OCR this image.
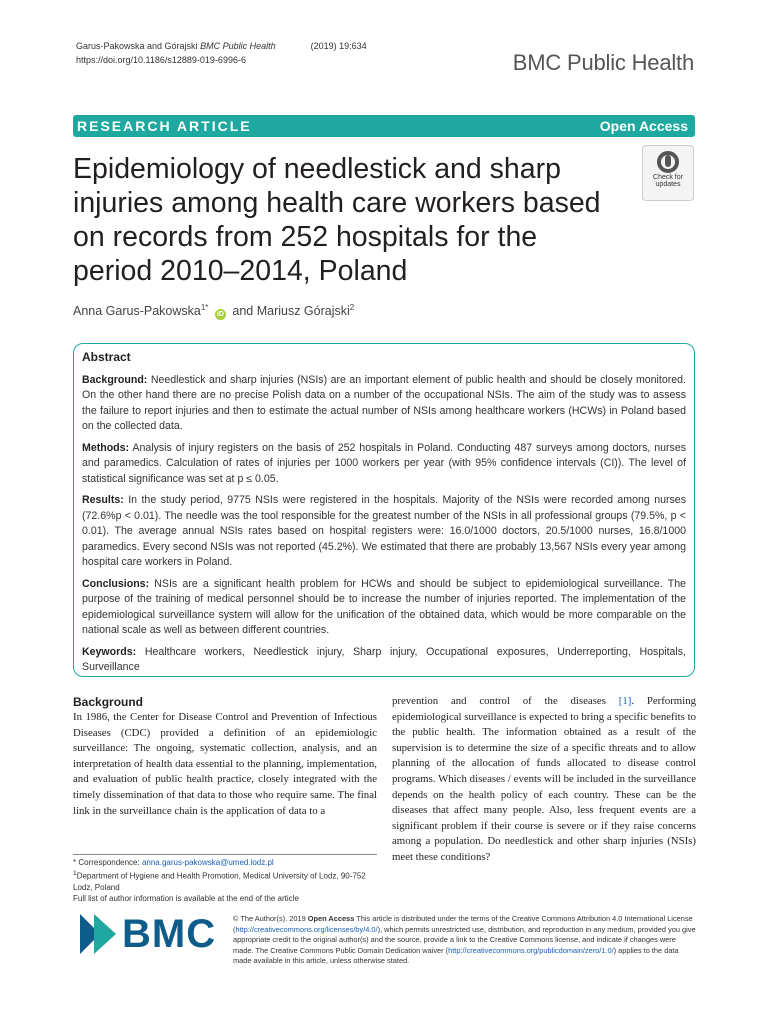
Garus-Pakowska and Górajski BMC Public Health	(2019) 19:634
https://doi.org/10.1186/s12889-019-6996-6	BMC Public Health
RESEARCH ARTICLE	Open Access
Epidemiology of needlestick and sharp injuries among health care workers based on records from 252 hospitals for the period 2010–2014, Poland
Check for
updates
Anna Garus-Pakowska$^{1*}$ iD and Mariusz Górajski$^2$
Abstract

Background: Needlestick and sharp injuries (NSIs) are an important element of public health and should be closely monitored. On the other hand there are no precise Polish data on a number of the occupational NSIs. The aim of the study was to assess the failure to report injuries and then to estimate the actual number of NSIs among healthcare workers (HCWs) in Poland based on the collected data.

Methods: Analysis of injury registers on the basis of 252 hospitals in Poland. Conducting 487 surveys among doctors, nurses and paramedics. Calculation of rates of injuries per 1000 workers per year (with 95% confidence intervals (CI)). The level of statistical significance was set at p ≤ 0.05.

Results: In the study period, 9775 NSIs were registered in the hospitals. Majority of the NSIs were recorded among nurses (72.6%p < 0.01). The needle was the tool responsible for the greatest number of the NSIs in all professional groups (79.5%, p < 0.01). The average annual NSIs rates based on hospital registers were: 16.0/1000 doctors, 20.5/1000 nurses, 16.8/1000 paramedics. Every second NSIs was not reported (45.2%). We estimated that there are probably 13,567 NSIs every year among hospital care workers in Poland.

Conclusions: NSIs are a significant health problem for HCWs and should be subject to epidemiological surveillance. The purpose of the training of medical personnel should be to increase the number of injuries reported. The implementation of the epidemiological surveillance system will allow for the unification of the obtained data, which would be more comparable on the national scale as well as between different countries.

Keywords: Healthcare workers, Needlestick injury, Sharp injury, Occupational exposures, Underreporting, Hospitals, Surveillance

Background

In 1986, the Center for Disease Control and Prevention of Infectious Diseases (CDC) provided a definition of an epidemiologic surveillance: The ongoing, systematic collection, analysis, and an interpretation of health data essential to the planning, implementation, and evaluation of public health practice, closely integrated with the timely dissemination of that data to those who require same. The final link in the surveillance chain is the application of data to a

prevention and control of the diseases [1]. Performing epidemiological surveillance is expected to bring a specific benefits to the public health. The information obtained as a result of the supervision is to determine the size of a specific threats and to allow planning of the allocation of funds allocated to disease control programs. Which diseases / events will be included in the surveillance depends on the health policy of each country. These can be the diseases that affect many people. Also, less frequent events are a significant problem if their course is severe or if they raise concerns among a population. Do needlestick and other sharp injuries (NSIs) meet these conditions?

* Correspondence: anna.garus-pakowska@umed.lodz.pl
$^1$Department of Hygiene and Health Promotion, Medical University of Lodz, 90-752 Lodz, Poland
Full list of author information is available at the end of the article
BMC © The Author(s). 2019 Open Access This article is distributed under the terms of the Creative Commons Attribution 4.0 International License (http://creativecommons.org/licenses/by/4.0/), which permits unrestricted use, distribution, and reproduction in any medium, provided you give appropriate credit to the original author(s) and the source, provide a link to the Creative Commons license, and indicate if changes were made. The Creative Commons Public Domain Dedication waiver (http://creativecommons.org/publicdomain/zero/1.0/) applies to the data made available in this article, unless otherwise stated.
